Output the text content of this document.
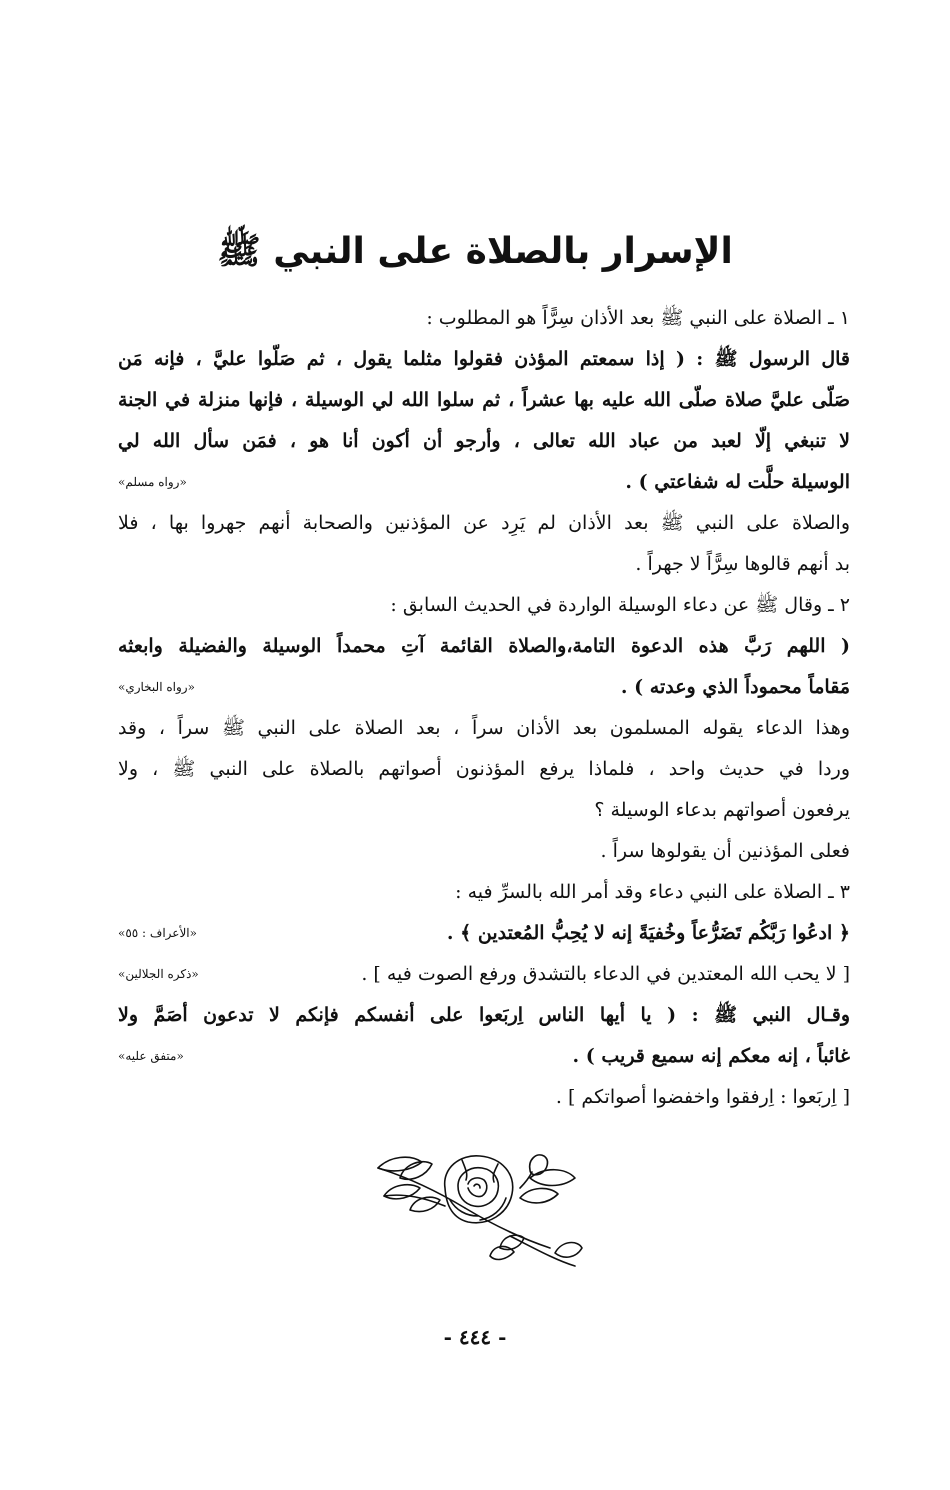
الإسرار بالصلاة على النبي ﷺ
١ ـ الصلاة على النبي ﷺ بعد الأذان سِرًّاً هو المطلوب :
قال الرسول ﷺ : ( إذا سمعتم المؤذن فقولوا مثلما يقول ، ثم صَلّوا عليَّ ، فإنه مَن
صَلّى عليَّ صلاة صلّى الله عليه بها عشراً ، ثم سلوا الله لي الوسيلة ، فإنها منزلة في الجنة
لا تنبغي إلّا لعبد من عباد الله تعالى ، وأرجو أن أكون أنا هو ، فمَن سأل الله لي
الوسيلة حلَّت له شفاعتي ) .
«رواه مسلم»
والصلاة على النبي ﷺ بعد الأذان لم يَرِد عن المؤذنين والصحابة أنهم جهروا بها ، فلا
بد أنهم قالوها سِرًّاً لا جهراً .
٢ ـ وقال ﷺ عن دعاء الوسيلة الواردة في الحديث السابق :
( اللهم رَبَّ هذه الدعوة التامة،والصلاة القائمة آتِ محمداً الوسيلة والفضيلة وابعثه
مَقاماً محموداً الذي وعدته ) .
«رواه البخاري»
وهذا الدعاء يقوله المسلمون بعد الأذان سراً ، بعد الصلاة على النبي ﷺ سراً ، وقد
وردا في حديث واحد ، فلماذا يرفع المؤذنون أصواتهم بالصلاة على النبي ﷺ ، ولا
يرفعون أصواتهم بدعاء الوسيلة ؟
فعلى المؤذنين أن يقولوها سراً .
٣ ـ الصلاة على النبي دعاء وقد أمر الله بالسرِّ فيه :
﴿ ادعُوا رَبَّكُم تَضَرُّعاً وخُفيَةً إنه لا يُحِبُّ المُعتدين ﴾ .
«الأعراف : ٥٥»
[ لا يحب الله المعتدين في الدعاء بالتشدق ورفع الصوت فيه ] .
«ذكره الجلالين»
وقـال النبي ﷺ : ( يا أيها الناس اِربَعوا على أنفسكم فإنكم لا تدعون أصَمَّ ولا
غائباً ، إنه معكم إنه سميع قريب ) .
«متفق عليه»
[ اِربَعوا : اِرفقوا واخفضوا أصواتكم ] .
- ٤٤٤ -
